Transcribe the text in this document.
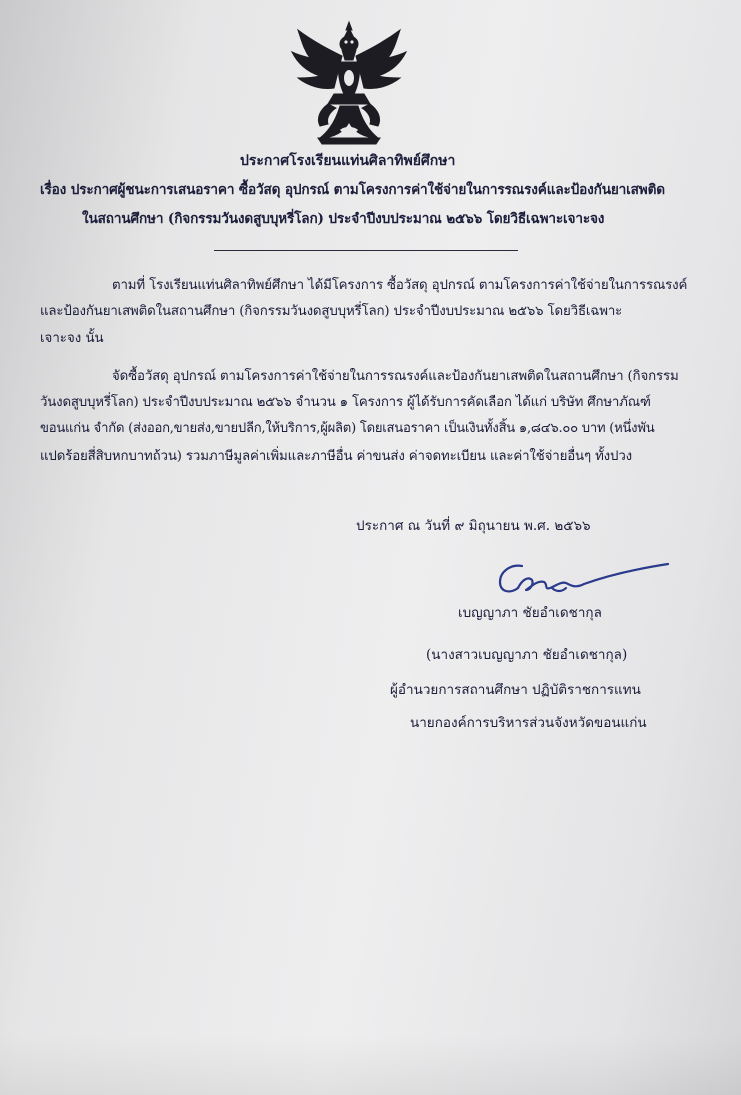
ประกาศโรงเรียนแท่นศิลาทิพย์ศึกษา
เรื่อง ประกาศผู้ชนะการเสนอราคา ซื้อวัสดุ อุปกรณ์ ตามโครงการค่าใช้จ่ายในการรณรงค์และป้องกันยาเสพติด
ในสถานศึกษา (กิจกรรมวันงดสูบบุหรี่โลก) ประจำปีงบประมาณ ๒๕๖๖ โดยวิธีเฉพาะเจาะจง
ตามที่ โรงเรียนแท่นศิลาทิพย์ศึกษา ได้มีโครงการ ซื้อวัสดุ อุปกรณ์ ตามโครงการค่าใช้จ่ายในการรณรงค์
และป้องกันยาเสพติดในสถานศึกษา (กิจกรรมวันงดสูบบุหรี่โลก) ประจำปีงบประมาณ ๒๕๖๖ โดยวิธีเฉพาะ
เจาะจง นั้น
จัดซื้อวัสดุ อุปกรณ์ ตามโครงการค่าใช้จ่ายในการรณรงค์และป้องกันยาเสพติดในสถานศึกษา (กิจกรรม
วันงดสูบบุหรี่โลก) ประจำปีงบประมาณ ๒๕๖๖ จำนวน ๑ โครงการ ผู้ได้รับการคัดเลือก ได้แก่ บริษัท ศึกษาภัณฑ์
ขอนแก่น จำกัด (ส่งออก,ขายส่ง,ขายปลีก,ให้บริการ,ผู้ผลิต) โดยเสนอราคา เป็นเงินทั้งสิ้น ๑,๘๔๖.๐๐ บาท (หนึ่งพัน
แปดร้อยสี่สิบหกบาทถ้วน) รวมภาษีมูลค่าเพิ่มและภาษีอื่น ค่าขนส่ง ค่าจดทะเบียน และค่าใช้จ่ายอื่นๆ ทั้งปวง
ประกาศ ณ วันที่ ๙ มิถุนายน พ.ศ. ๒๕๖๖
เบญญาภา ชัยอำเดชากุล
(นางสาวเบญญาภา ชัยอำเดชากุล)
ผู้อำนวยการสถานศึกษา ปฏิบัติราชการแทน
นายกองค์การบริหารส่วนจังหวัดขอนแก่น
